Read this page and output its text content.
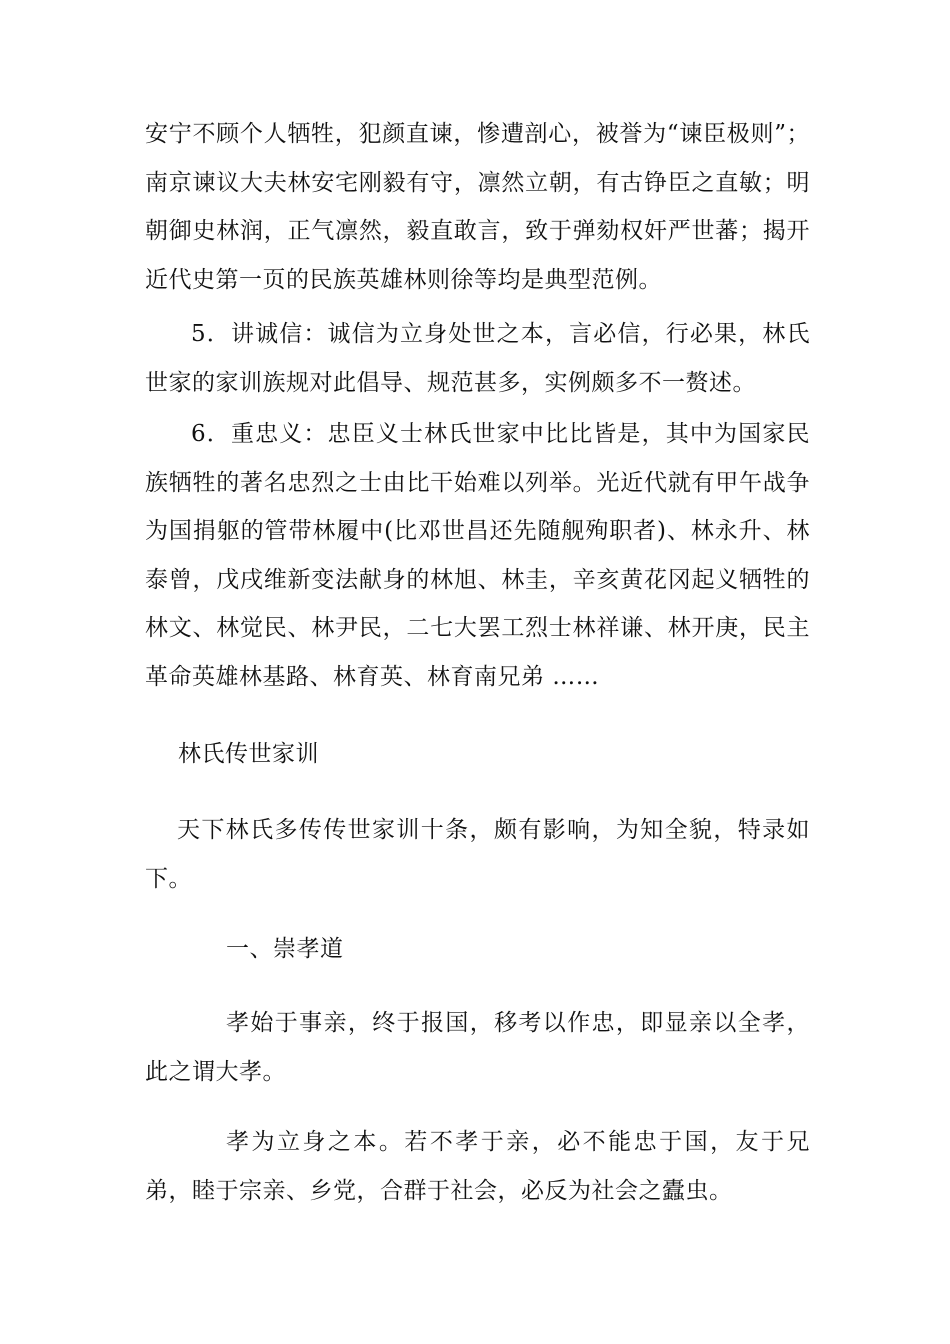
安宁不顾个人牺牲，犯颜直谏，惨遭剖心，被誉为“谏臣极则”；南京谏议大夫林安宅刚毅有守，凛然立朝，有古铮臣之直敏；明朝御史林润，正气凛然，毅直敢言，致于弹劾权奸严世蕃；揭开近代史第一页的民族英雄林则徐等均是典型范例。

5．讲诚信：诚信为立身处世之本，言必信，行必果，林氏世家的家训族规对此倡导、规范甚多，实例颇多不一赘述。

6．重忠义：忠臣义士林氏世家中比比皆是，其中为国家民族牺牲的著名忠烈之士由比干始难以列举。光近代就有甲午战争为国捐躯的管带林履中(比邓世昌还先随舰殉职者)、林永升、林泰曾，戊戌维新变法献身的林旭、林圭，辛亥黄花冈起义牺牲的林文、林觉民、林尹民，二七大罢工烈士林祥谦、林开庚，民主革命英雄林基路、林育英、林育南兄弟 ……

林氏传世家训

天下林氏多传传世家训十条，颇有影响，为知全貌，特录如下。

一、崇孝道

孝始于事亲，终于报国，移考以作忠，即显亲以全孝，此之谓大孝。

孝为立身之本。若不孝于亲，必不能忠于国，友于兄弟，睦于宗亲、乡党，合群于社会，必反为社会之蠹虫。
